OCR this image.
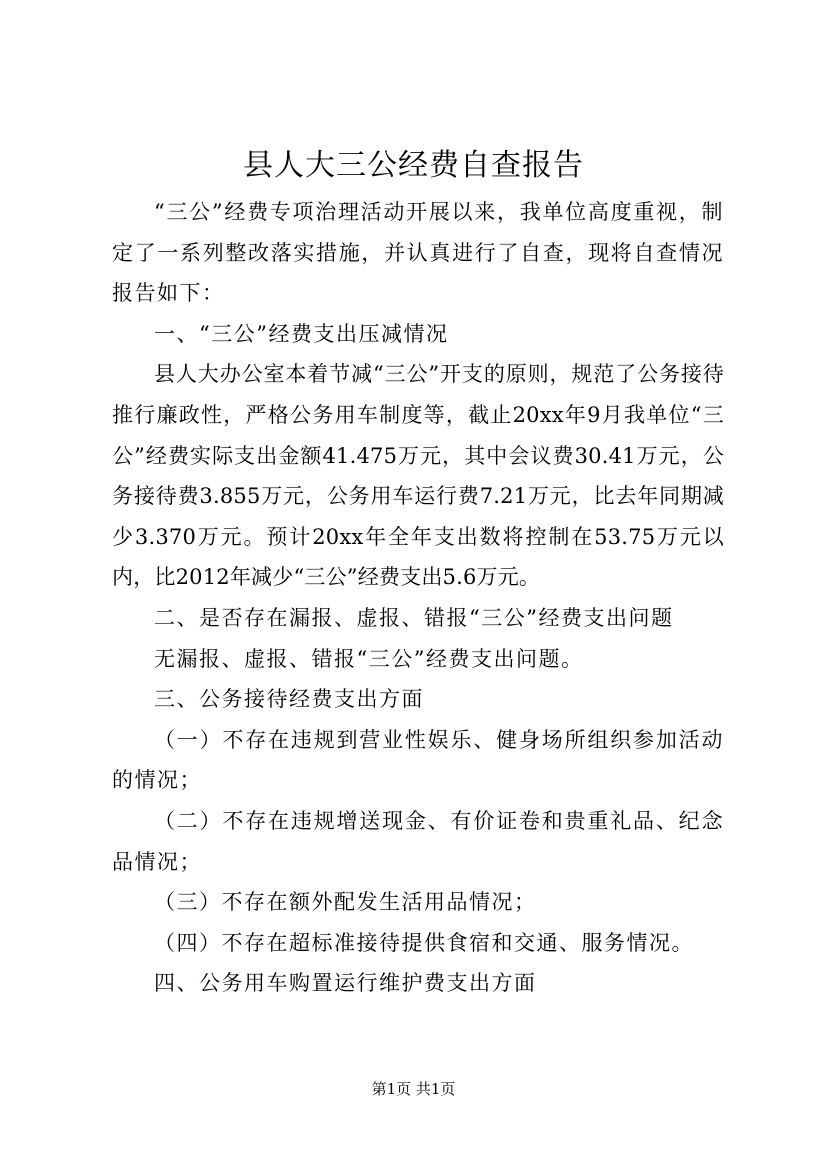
县人大三公经费自查报告

“三公”经费专项治理活动开展以来，我单位高度重视，制定了一系列整改落实措施，并认真进行了自查，现将自查情况报告如下：

一、“三公”经费支出压减情况

县人大办公室本着节减“三公”开支的原则，规范了公务接待推行廉政性，严格公务用车制度等，截止20xx年9月我单位“三公”经费实际支出金额41.475万元，其中会议费30.41万元，公务接待费3.855万元，公务用车运行费7.21万元，比去年同期减少3.370万元。预计20xx年全年支出数将控制在53.75万元以内，比2012年减少“三公”经费支出5.6万元。

二、是否存在漏报、虚报、错报“三公”经费支出问题

无漏报、虚报、错报“三公”经费支出问题。

三、公务接待经费支出方面

（一）不存在违规到营业性娱乐、健身场所组织参加活动的情况；

（二）不存在违规增送现金、有价证卷和贵重礼品、纪念品情况；

（三）不存在额外配发生活用品情况；

（四）不存在超标准接待提供食宿和交通、服务情况。

四、公务用车购置运行维护费支出方面

第1页 共1页
